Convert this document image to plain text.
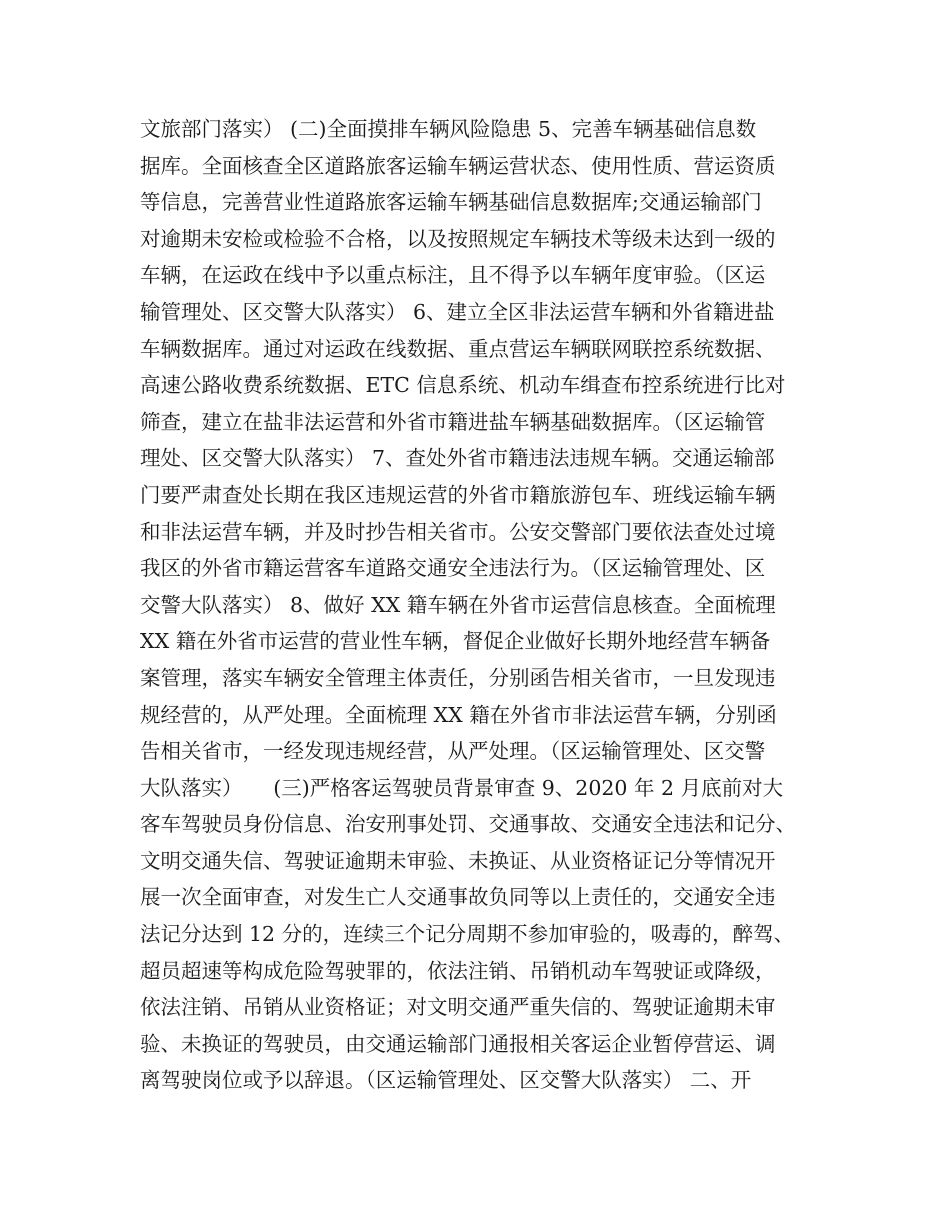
文旅部门落实） (二)全面摸排车辆风险隐患 5、完善车辆基础信息数
据库。全面核查全区道路旅客运输车辆运营状态、使用性质、营运资质
等信息，完善营业性道路旅客运输车辆基础信息数据库;交通运输部门
对逾期未安检或检验不合格，以及按照规定车辆技术等级未达到一级的
车辆，在运政在线中予以重点标注，且不得予以车辆年度审验。（区运
输管理处、区交警大队落实） 6、建立全区非法运营车辆和外省籍进盐
车辆数据库。通过对运政在线数据、重点营运车辆联网联控系统数据、
高速公路收费系统数据、ETC 信息系统、机动车缉查布控系统进行比对
筛查，建立在盐非法运营和外省市籍进盐车辆基础数据库。（区运输管
理处、区交警大队落实） 7、查处外省市籍违法违规车辆。交通运输部
门要严肃查处长期在我区违规运营的外省市籍旅游包车、班线运输车辆
和非法运营车辆，并及时抄告相关省市。公安交警部门要依法查处过境
我区的外省市籍运营客车道路交通安全违法行为。（区运输管理处、区
交警大队落实） 8、做好 XX 籍车辆在外省市运营信息核查。全面梳理
XX 籍在外省市运营的营业性车辆，督促企业做好长期外地经营车辆备
案管理，落实车辆安全管理主体责任，分别函告相关省市，一旦发现违
规经营的，从严处理。全面梳理 XX 籍在外省市非法运营车辆，分别函
告相关省市，一经发现违规经营，从严处理。（区运输管理处、区交警
大队落实）　　(三)严格客运驾驶员背景审查 9、2020 年 2 月底前对大
客车驾驶员身份信息、治安刑事处罚、交通事故、交通安全违法和记分、
文明交通失信、驾驶证逾期未审验、未换证、从业资格证记分等情况开
展一次全面审查，对发生亡人交通事故负同等以上责任的，交通安全违
法记分达到 12 分的，连续三个记分周期不参加审验的，吸毒的，醉驾、
超员超速等构成危险驾驶罪的，依法注销、吊销机动车驾驶证或降级，
依法注销、吊销从业资格证；对文明交通严重失信的、驾驶证逾期未审
验、未换证的驾驶员，由交通运输部门通报相关客运企业暂停营运、调
离驾驶岗位或予以辞退。（区运输管理处、区交警大队落实） 二、开
